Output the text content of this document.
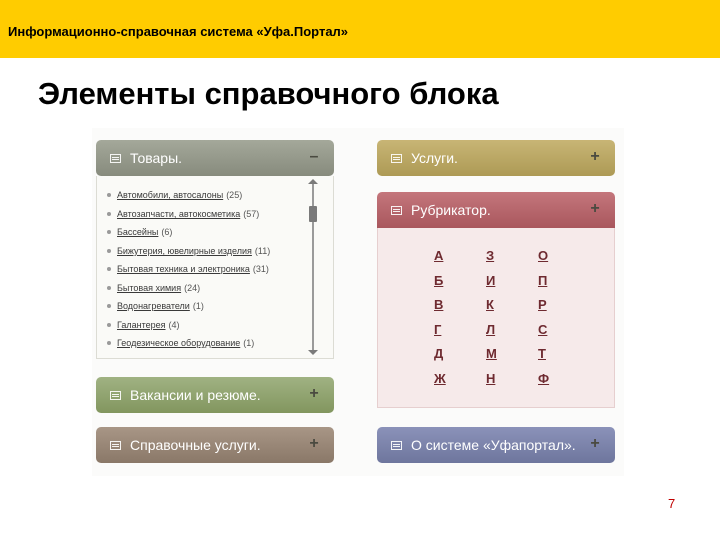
Информационно-справочная система «Уфа.Портал»
Элементы справочного блока
Товары.	–
Автомобили, автосалоны (25)
Автозапчасти, автокосметика (57)
Бассейны (6)
Бижутерия, ювелирные изделия (11)
Бытовая техника и электроника (31)
Бытовая химия (24)
Водонагреватели (1)
Галантерея (4)
Геодезическое оборудование (1)
Услуги.	+
Рубрикатор.	+
А	З	О
Б	И	П
В	К	Р
Г	Л	С
Д	М	Т
Ж	Н	Ф
Вакансии и резюме.	+
Справочные услуги.	+	О системе «Уфапортал». +
7
